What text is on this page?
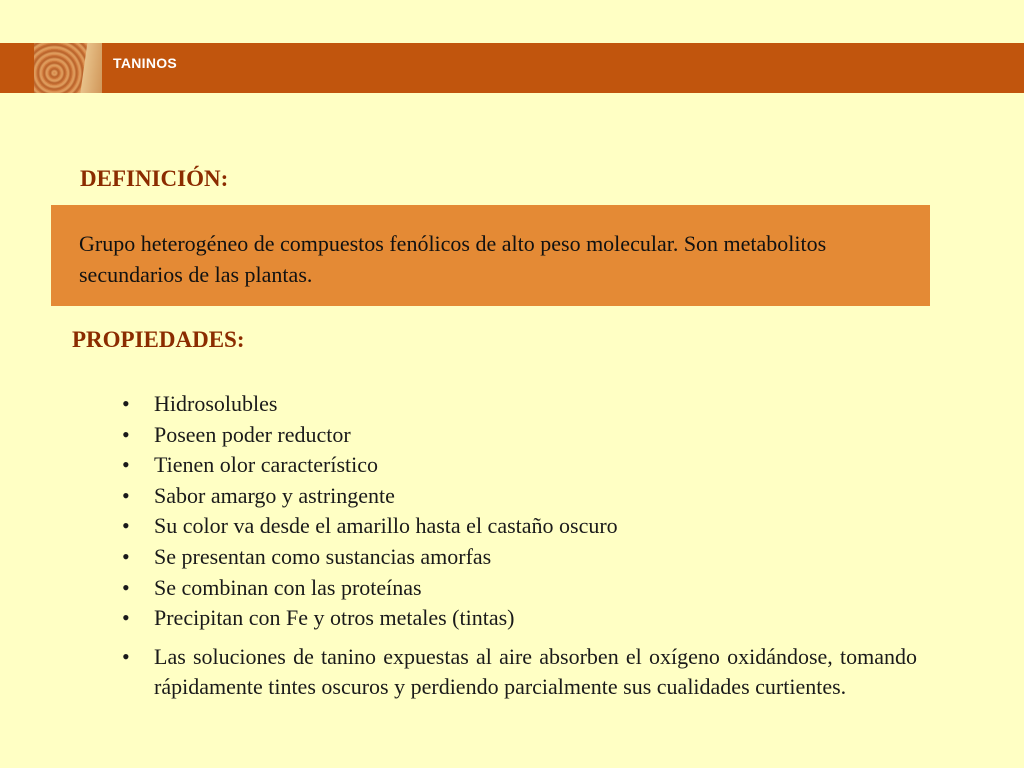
TANINOS
DEFINICIÓN:
Grupo heterogéneo de compuestos fenólicos de alto peso molecular. Son metabolitos secundarios de las plantas.
PROPIEDADES:
• Hidrosolubles
• Poseen poder reductor
• Tienen olor característico
• Sabor amargo y astringente
• Su color va desde el amarillo hasta el castaño oscuro
• Se presentan como sustancias amorfas
• Se combinan con las proteínas
• Precipitan con Fe y otros metales (tintas)
• Las soluciones de tanino expuestas al aire absorben el oxígeno oxidándose, tomando rápidamente tintes oscuros y perdiendo parcialmente sus cualidades curtientes.
